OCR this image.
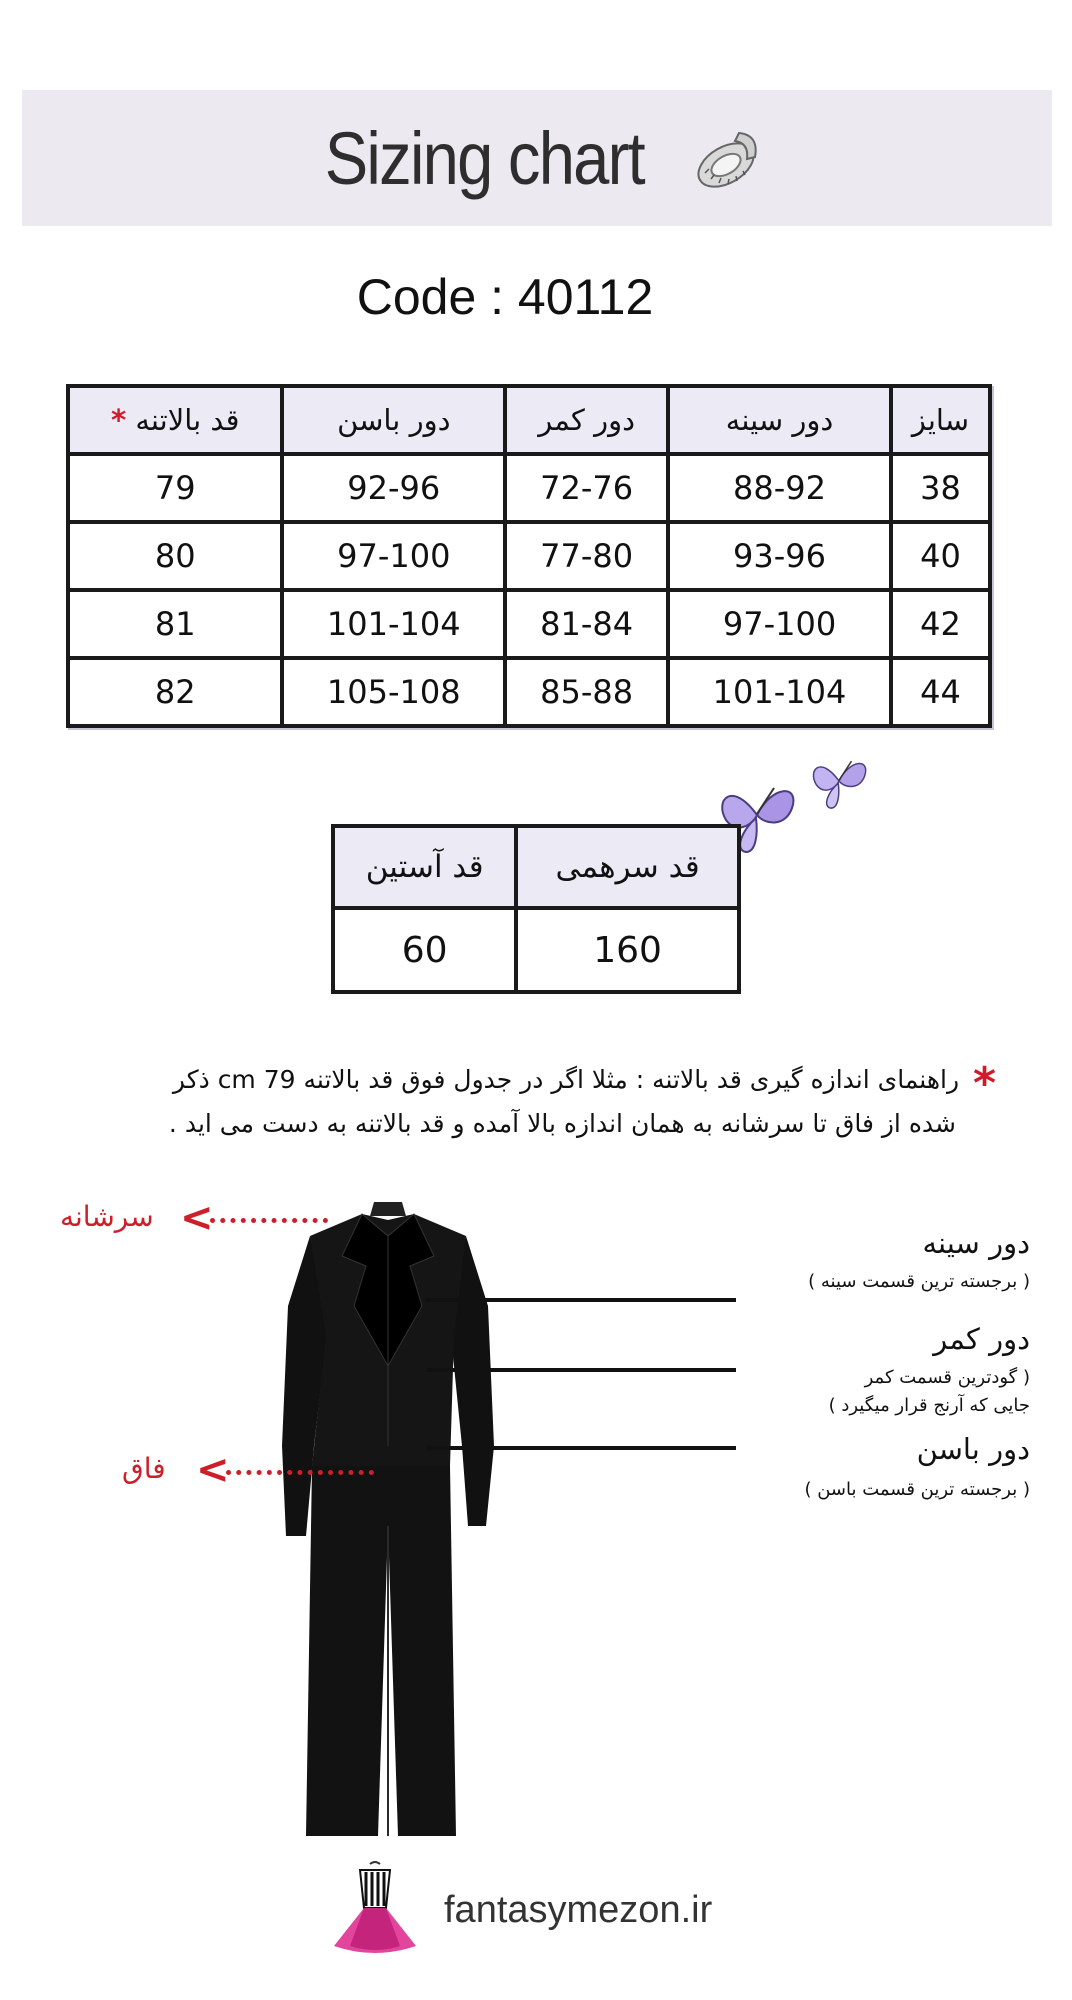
Sizing chart
Code : 40112
* قد بالاتنه	دور باسن	دور کمر	دور سینه	سایز
79	92-96	72-76	88-92	38
80	97-100	77-80	93-96	40
81	101-104	81-84	97-100	42
82	105-108	85-88	101-104	44
قد آستین	قد سرهمی
60	160
* راهنمای اندازه گیری قد بالاتنه : مثلا اگر در جدول فوق قد بالاتنه 79 cm ذکر
شده از فاق تا سرشانه به همان اندازه بالا آمده و قد بالاتنه به دست می اید .
سرشانه <
فاق <
دور سینه
( برجسته ترین قسمت سینه )
دور کمر
( گودترین قسمت کمر
جایی که آرنج قرار میگیرد )
دور باسن
( برجسته ترین قسمت باسن )
fantasymezon.ir
